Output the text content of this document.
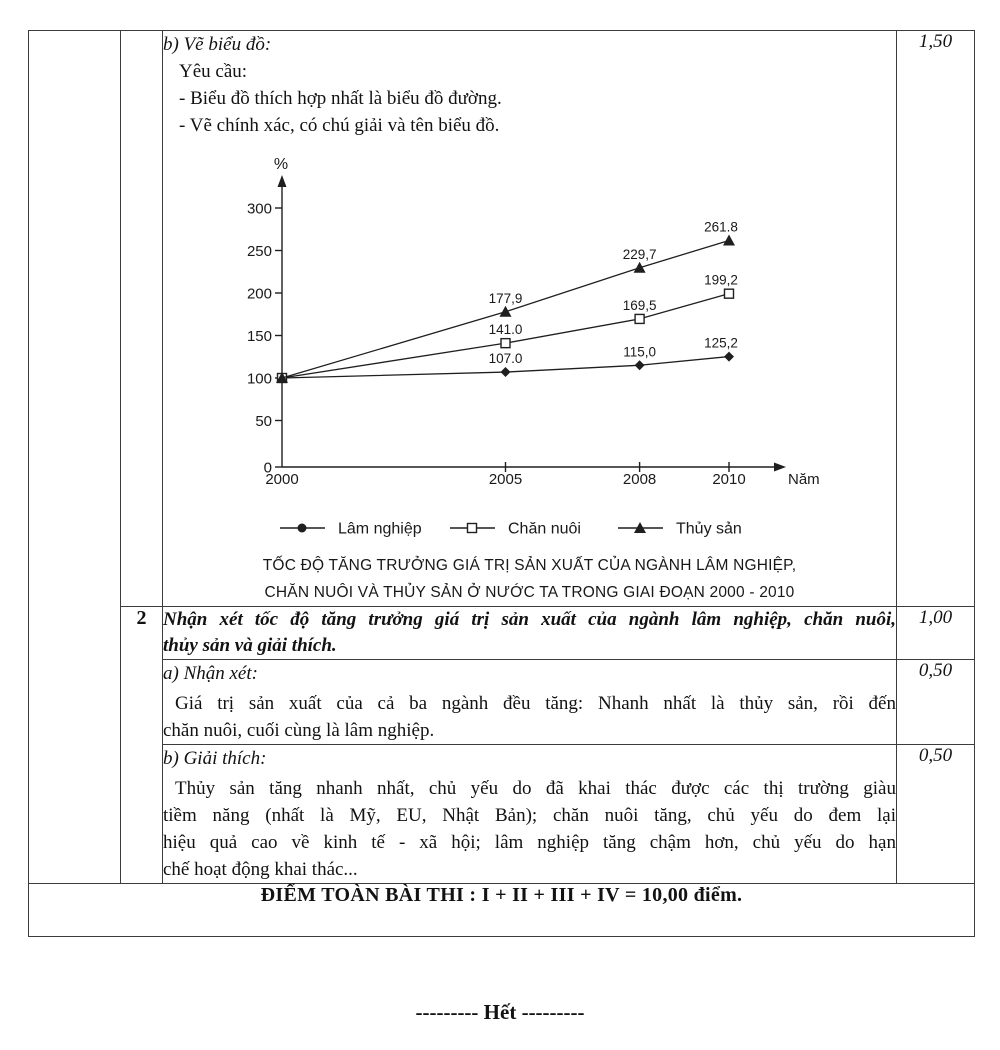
b) Vẽ biểu đồ:
Yêu cầu:
- Biểu đồ thích hợp nhất là biểu đồ đường.
- Vẽ chính xác, có chú giải và tên biểu đồ.
%
Năm
0
50
100
150
200
250
300
2000	2005	2008	2010
107.0	115,0
125,2
141.0
169,5
199,2
177,9
229,7
261.8
Lâm nghiệp	Chăn nuôi	Thủy sản
TỐC ĐỘ TĂNG TRƯỞNG GIÁ TRỊ SẢN XUẤT CỦA NGÀNH LÂM NGHIỆP,
CHĂN NUÔI VÀ THỦY SẢN Ở NƯỚC TA TRONG GIAI ĐOẠN 2000 - 2010
	1,50
	2	Nhận xét tốc độ tăng trưởng giá trị sản xuất của ngành lâm nghiệp, chăn nuôi,
thủy sản và giải thích.	1,00

		a) Nhận xét:
Giá trị sản xuất của cả ba ngành đều tăng: Nhanh nhất là thủy sản, rồi đến
chăn nuôi, cuối cùng là lâm nghiệp.	0,50

		b) Giải thích:
Thủy sản tăng nhanh nhất, chủ yếu do đã khai thác được các thị trường giàu
tiềm năng (nhất là Mỹ, EU, Nhật Bản); chăn nuôi tăng, chủ yếu do đem lại
hiệu quả cao về kinh tế - xã hội; lâm nghiệp tăng chậm hơn, chủ yếu do hạn
chế hoạt động khai thác...	0,50
ĐIỂM TOÀN BÀI THI : I + II + III + IV = 10,00 điểm.			
--------- Hết ---------
